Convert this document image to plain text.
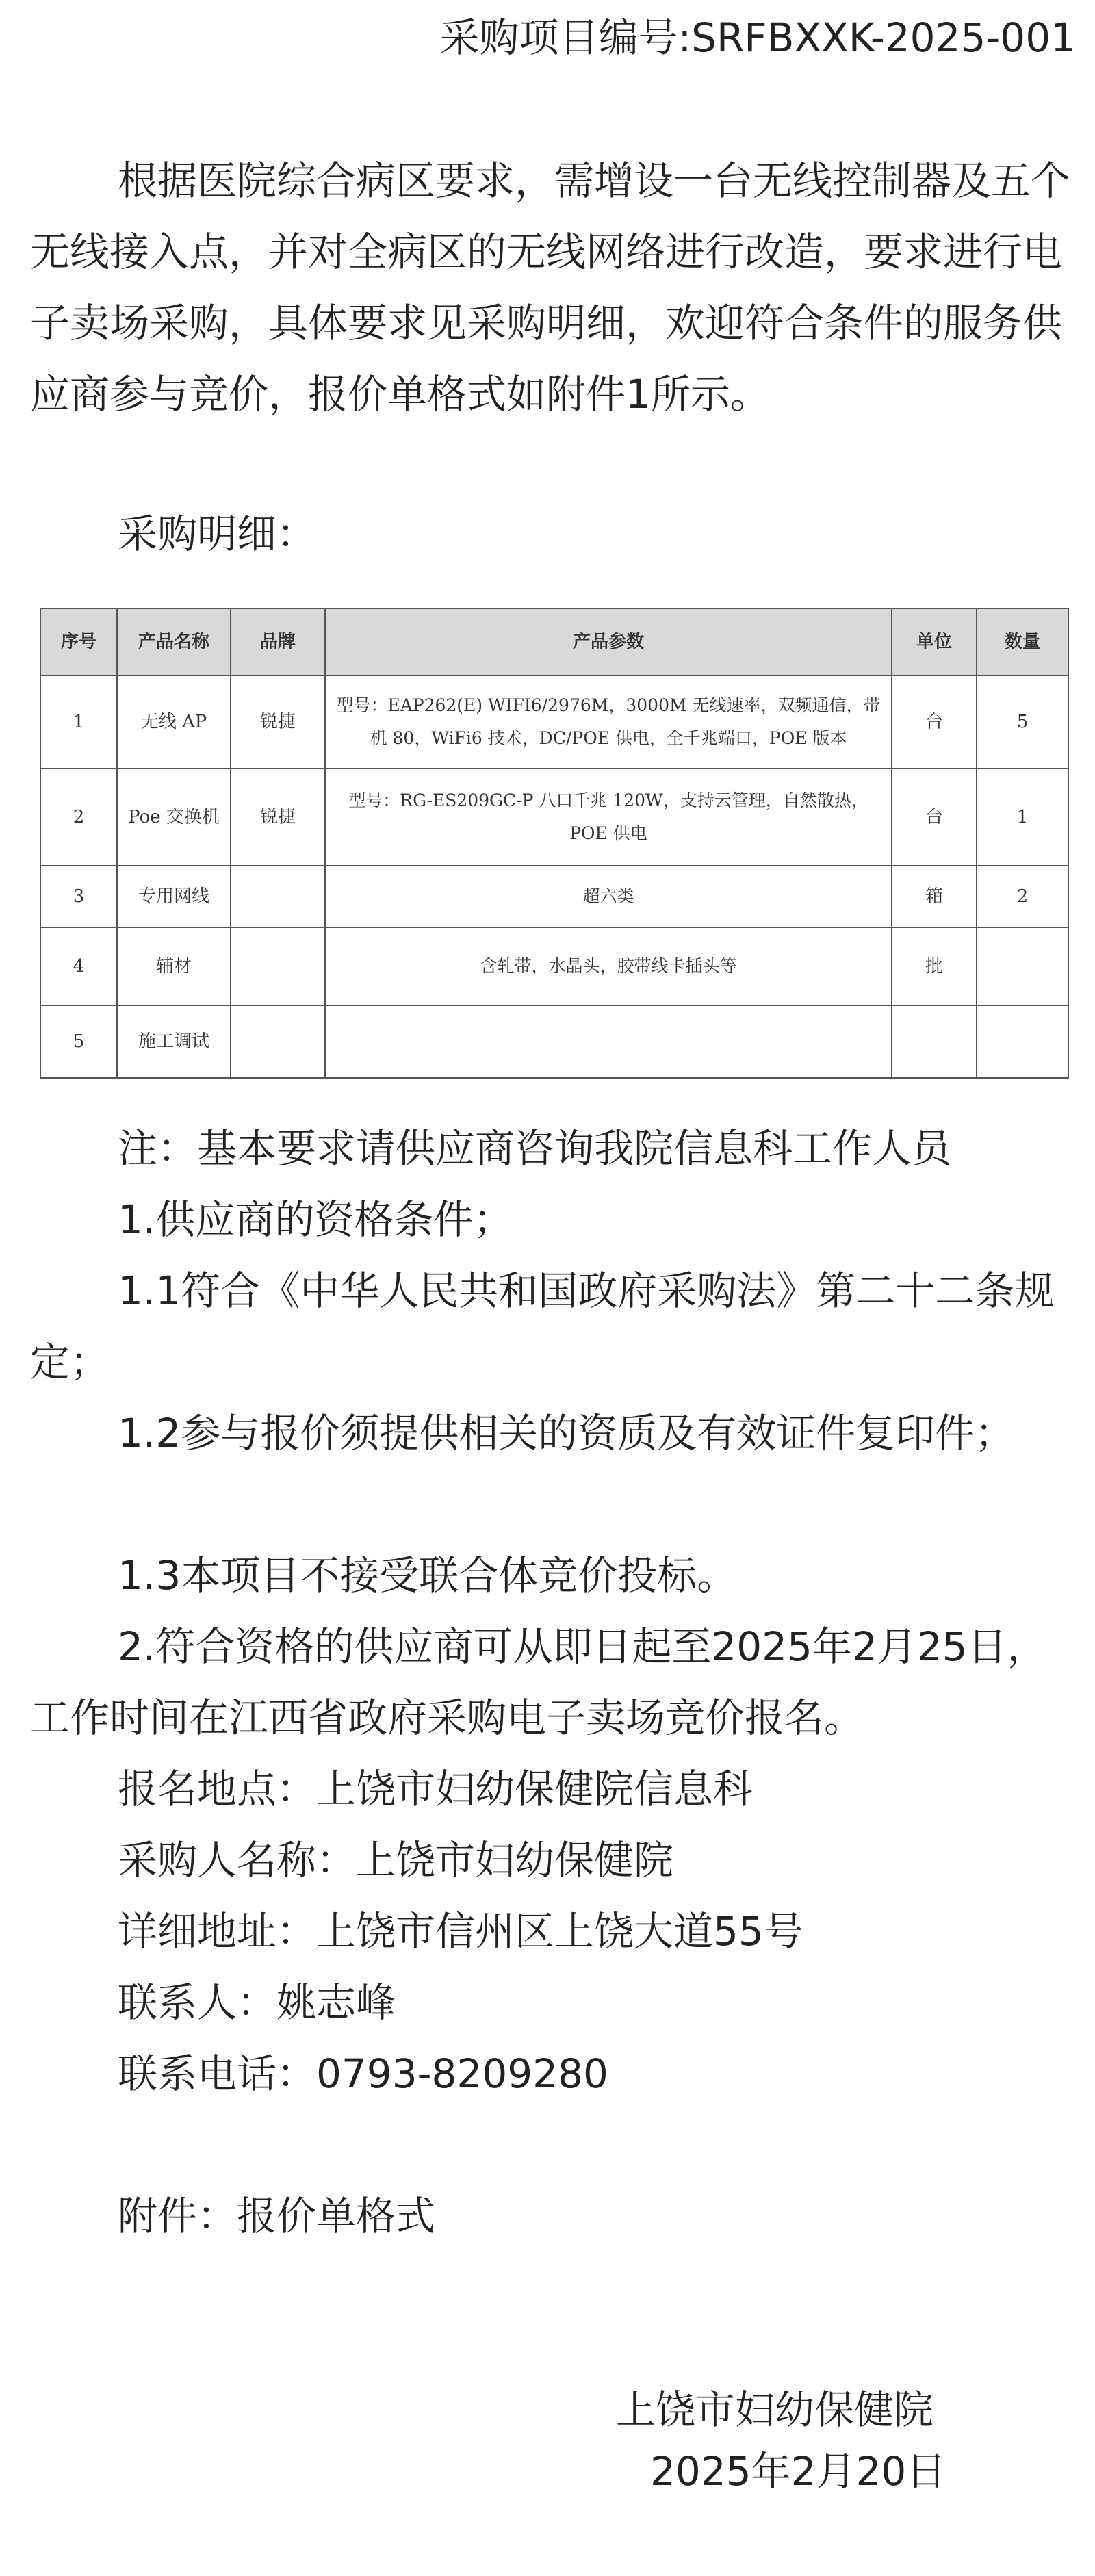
采购项目编号:SRFBXXK-2025-001

根据医院综合病区要求，需增设一台无线控制器及五个无线接入点，并对全病区的无线网络进行改造，要求进行电子卖场采购，具体要求见采购明细，欢迎符合条件的服务供应商参与竞价，报价单格式如附件1所示。

采购明细：
序号	产品名称	品牌	产品参数	单位	数量
1	无线 AP	锐捷	型号：EAP262(E) WIFI6/2976M，3000M 无线速率，双频通信，带机 80，WiFi6 技术，DC/POE 供电，全千兆端口，POE 版本	台	5
2	Poe 交换机	锐捷	型号：RG-ES209GC-P 八口千兆 120W，支持云管理，自然散热，POE 供电	台	1
3	专用网线		超六类	箱	2
4	辅材		含轧带，水晶头，胶带线卡插头等	批	
5	施工调试				
注：基本要求请供应商咨询我院信息科工作人员
1.供应商的资格条件；

1.1符合《中华人民共和国政府采购法》第二十二条规定；

1.2参与报价须提供相关的资质及有效证件复印件；

1.3本项目不接受联合体竞价投标。

2.符合资格的供应商可从即日起至2025年2月25日，工作时间在江西省政府采购电子卖场竞价报名。

报名地点：上饶市妇幼保健院信息科
采购人名称：上饶市妇幼保健院
详细地址：上饶市信州区上饶大道55号
联系人：姚志峰
联系电话：0793-8209280
附件：报价单格式
上饶市妇幼保健院
2025年2月20日
